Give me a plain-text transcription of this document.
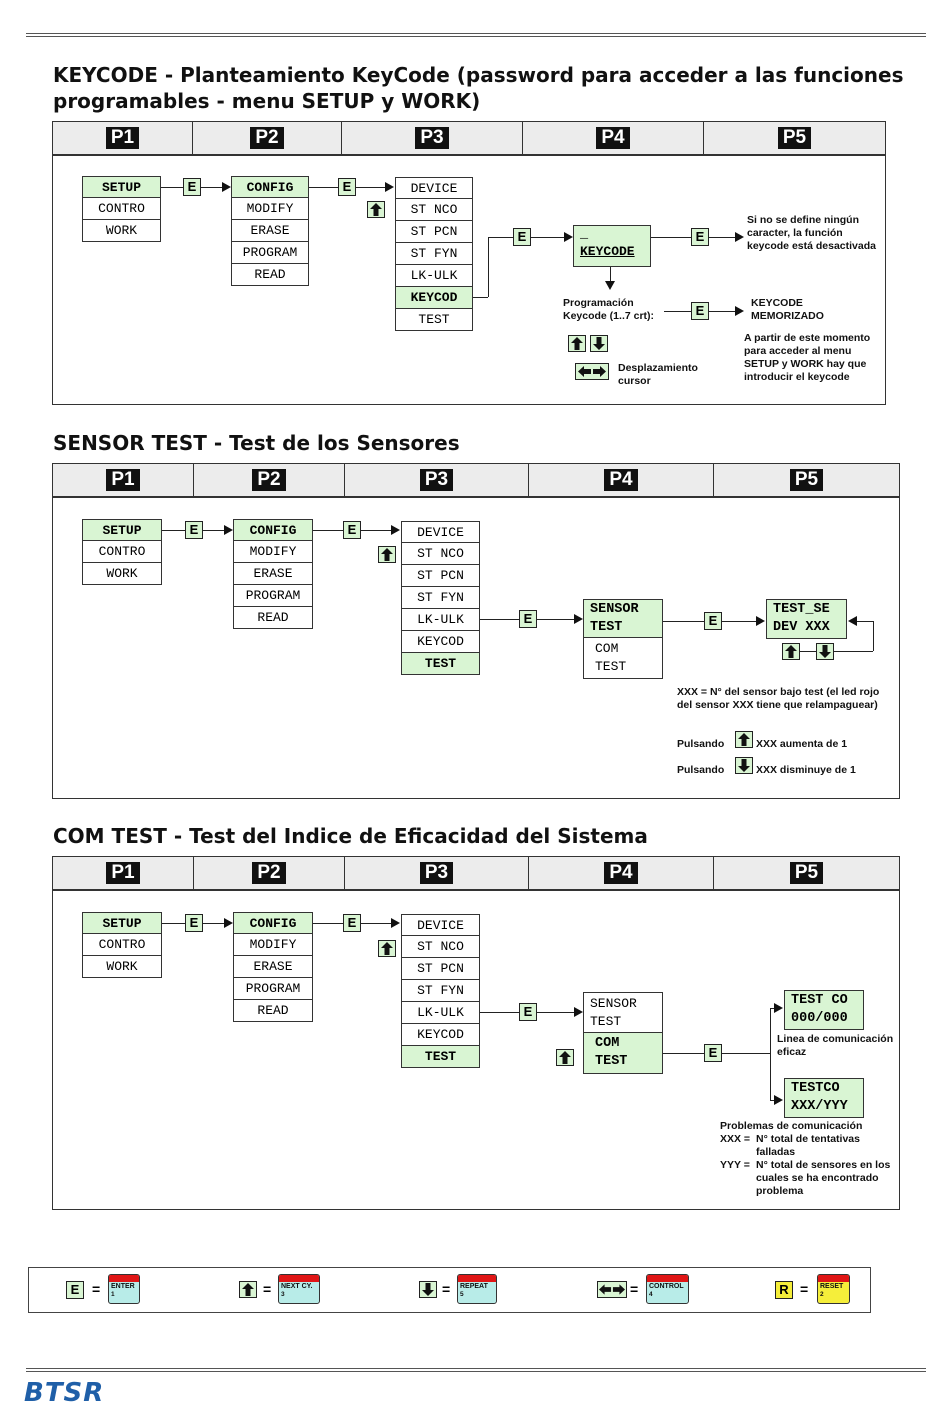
KEYCODE - Planteamiento KeyCode (password para acceder a las funciones programables - menu SETUP y WORK)
P1	P2	P3	P4	P5
SETUP
CONTRO
WORK
E	CONFIG
MODIFY
ERASE
PROGRAM
READ
E	DEVICE
ST NCO
ST PCN
ST FYN
LK-ULK
KEYCOD
TEST
E	_
KEYCODE
E
Si no se define ningún caracter, la función keycode está desactivada
Programación Keycode (1..7 crt):	E	KEYCODE MEMORIZADO
A partir de este momento para acceder al menu SETUP y WORK hay que introducir el keycode
Desplazamiento cursor
SENSOR TEST - Test de los Sensores
P1	P2	P3	P4	P5
SETUP
CONTRO
WORK
E	CONFIG
MODIFY
ERASE
PROGRAM
READ
E	DEVICE
ST NCO
ST PCN
ST FYN
LK-ULK
KEYCOD
TEST
E
SENSOR
TEST
COM
TEST
E
TEST_SE
DEV XXX
XXX = N° del sensor bajo test (el led rojo del sensor XXX tiene que relampaguear)
Pulsando	XXX aumenta de 1
Pulsando	XXX disminuye de 1
COM TEST - Test del Indice de Eficacidad del Sistema
P1	P2	P3	P4	P5
SETUP
CONTRO
WORK
E	CONFIG
MODIFY
ERASE
PROGRAM
READ
E	DEVICE
ST NCO
ST PCN
ST FYN
LK-ULK
KEYCOD
TEST
E
SENSOR
TEST
COM
TEST
E
TEST CO
000/000
Linea de comunicación eficaz
TESTCO
XXX/YYY
Problemas de comunicación
XXX = N° total de tentativas falladas
YYY = N° total de sensores en los cuales se ha encontrado problema
E = ENTER
1	= NEXT CY.
3	= REPEAT
5	= CONTROL
4	R = RESET
2
BTSR
